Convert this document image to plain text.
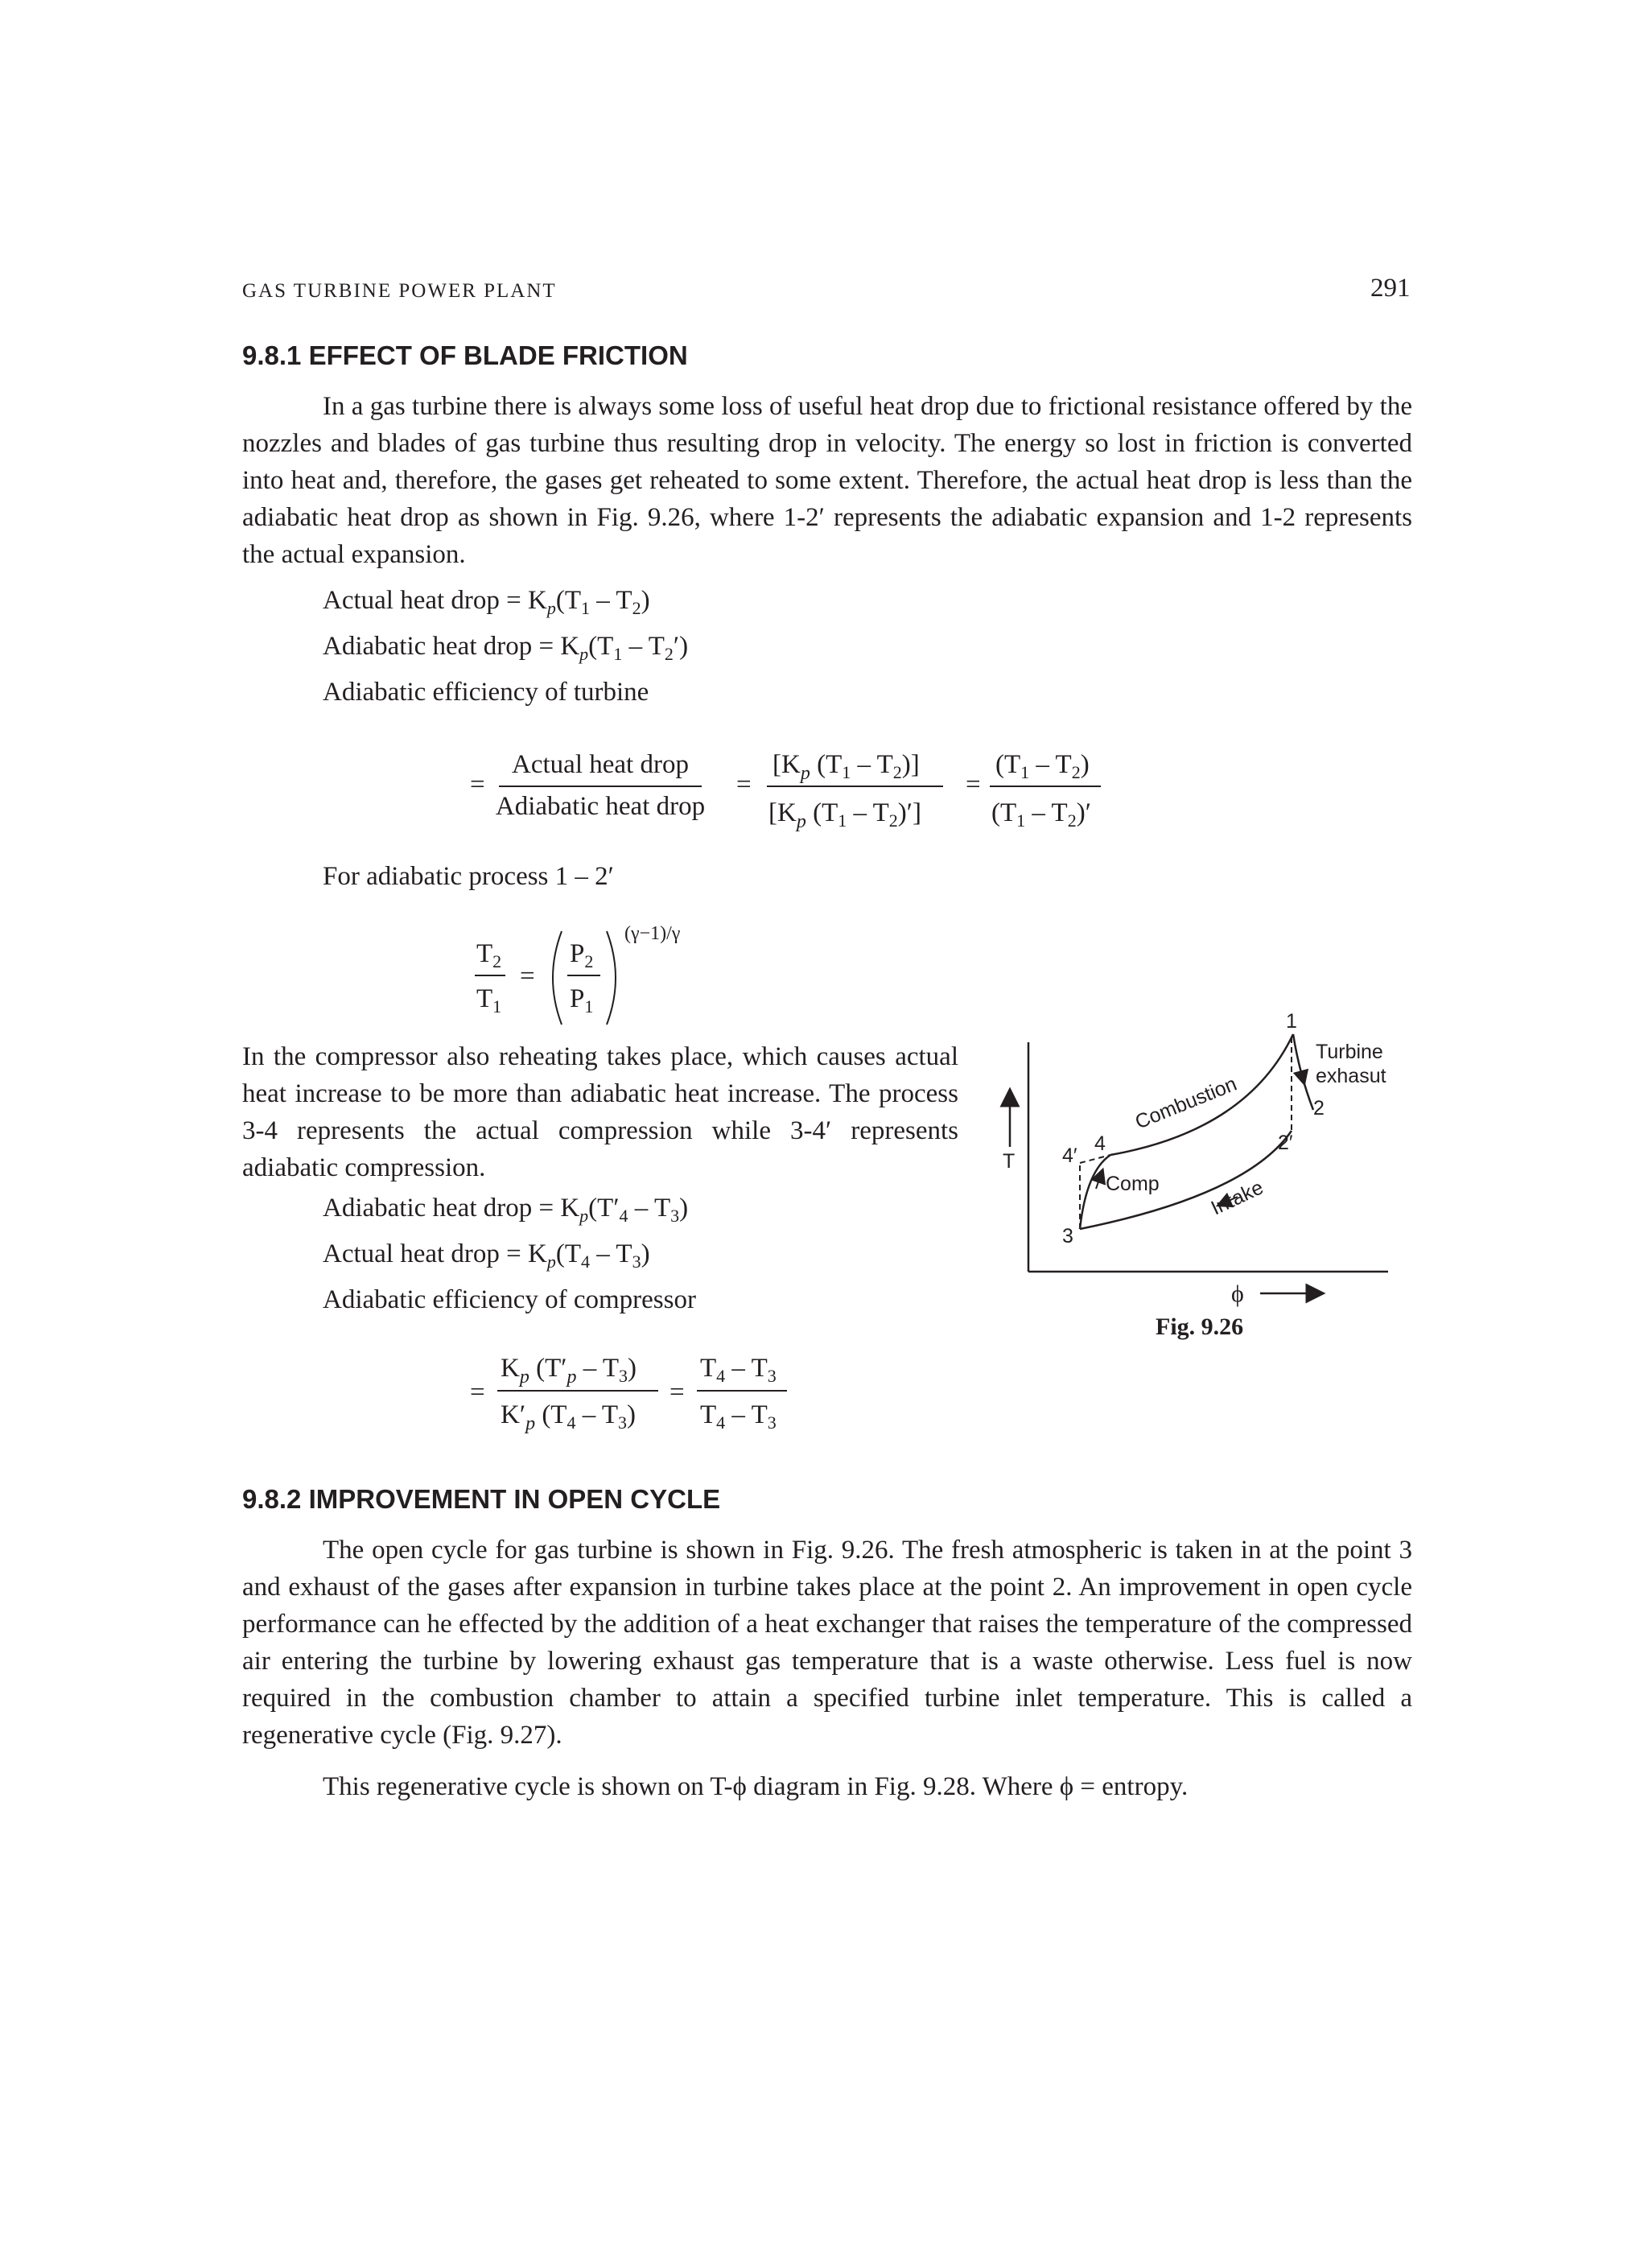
GAS TURBINE POWER PLANT	291
9.8.1 EFFECT OF BLADE FRICTION
In a gas turbine there is always some loss of useful heat drop due to frictional resistance offered by the nozzles and blades of gas turbine thus resulting drop in velocity. The energy so lost in friction is converted into heat and, therefore, the gases get reheated to some extent. Therefore, the actual heat drop is less than the adiabatic heat drop as shown in Fig. 9.26, where 1-2′ represents the adiabatic expansion and 1-2 represents the actual expansion.
Actual heat drop = $K_p(T_1 - T_2)$
Adiabatic heat drop = $K_p(T_1 - T_2')$
Adiabatic efficiency of turbine
=
Actual heat drop
Adiabatic heat drop
=
[$K_p$ $(T_1 - T_2)$]
[$K_p$ $(T_1 - T_2)'$]
=
$(T_1 - T_2)$
$(T_1 - T_2)'$
For adiabatic process 1 – 2′
$T_2$
$T_1$
=
$P_2$
$P_1$
(γ−1)/γ
In the compressor also reheating takes place, which causes actual heat increase to be more than adiabatic heat increase. The process 3-4 represents the actual compression while 3-4′ represents adiabatic compression.
Adiabatic heat drop = $K_p(T'_4 - T_3)$
Actual heat drop = $K_p(T_4 - T_3)$
Adiabatic efficiency of compressor
=
$K_p$ $(T'_p - T_3)$
$K'_p$ $(T_4 - T_3)$
=
$T_4 - T_3$
$T_4 - T_3$
T
ϕ
1
2
2′
3
4
4′
Combustion
Comp Intake
Turbine
exhasut
Fig. 9.26
9.8.2 IMPROVEMENT IN OPEN CYCLE
The open cycle for gas turbine is shown in Fig. 9.26. The fresh atmospheric is taken in at the point 3 and exhaust of the gases after expansion in turbine takes place at the point 2. An improvement in open cycle performance can he effected by the addition of a heat exchanger that raises the temperature of the compressed air entering the turbine by lowering exhaust gas temperature that is a waste otherwise. Less fuel is now required in the combustion chamber to attain a specified turbine inlet temperature. This is called a regenerative cycle (Fig. 9.27).
This regenerative cycle is shown on T-ϕ diagram in Fig. 9.28. Where ϕ = entropy.
